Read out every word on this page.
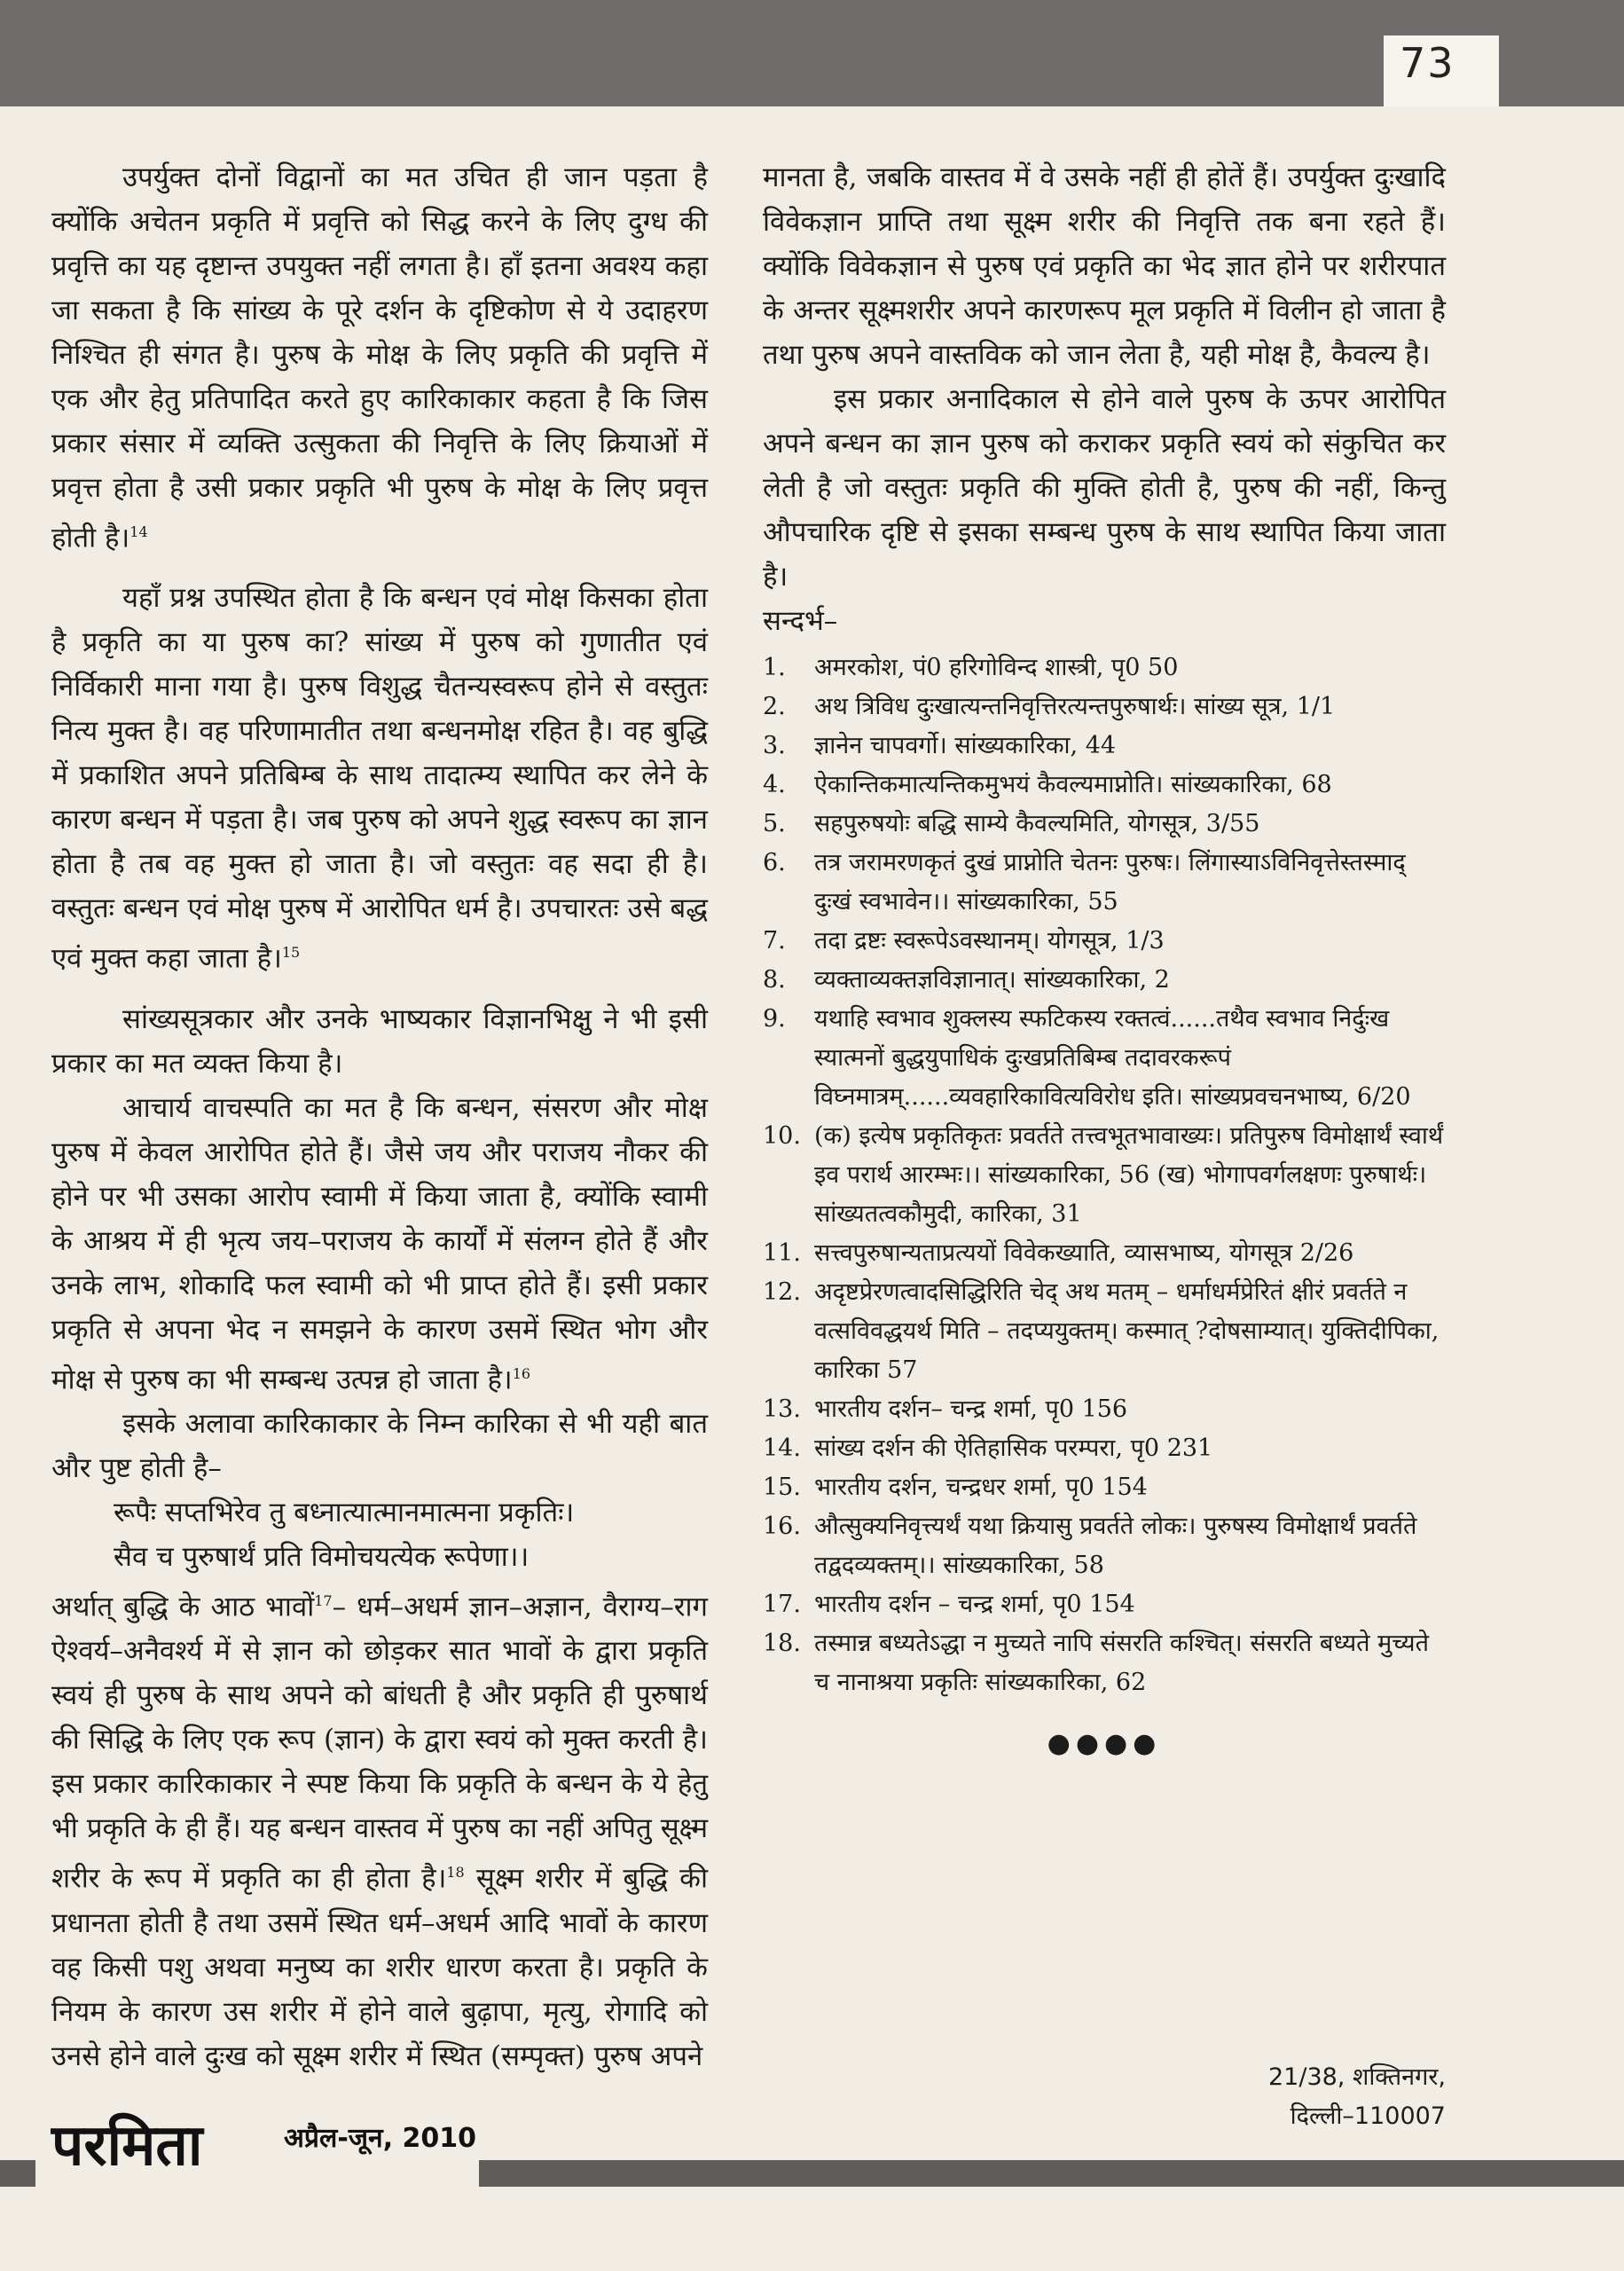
73

उपर्युक्त दोनों विद्वानों का मत उचित ही जान पड़ता है क्योंकि अचेतन प्रकृति में प्रवृत्ति को सिद्ध करने के लिए दुग्ध की प्रवृत्ति का यह दृष्टान्त उपयुक्त नहीं लगता है। हाँ इतना अवश्य कहा जा सकता है कि सांख्य के पूरे दर्शन के दृष्टिकोण से ये उदाहरण निश्चित ही संगत है। पुरुष के मोक्ष के लिए प्रकृति की प्रवृत्ति में एक और हेतु प्रतिपादित करते हुए कारिकाकार कहता है कि जिस प्रकार संसार में व्यक्ति उत्सुकता की निवृत्ति के लिए क्रियाओं में प्रवृत्त होता है उसी प्रकार प्रकृति भी पुरुष के मोक्ष के लिए प्रवृत्त होती है।$^{14}$

यहाँ प्रश्न उपस्थित होता है कि बन्धन एवं मोक्ष किसका होता है प्रकृति का या पुरुष का? सांख्य में पुरुष को गुणातीत एवं निर्विकारी माना गया है। पुरुष विशुद्ध चैतन्यस्वरूप होने से वस्तुतः नित्य मुक्त है। वह परिणामातीत तथा बन्धनमोक्ष रहित है। वह बुद्धि में प्रकाशित अपने प्रतिबिम्ब के साथ तादात्म्य स्थापित कर लेने के कारण बन्धन में पड़ता है। जब पुरुष को अपने शुद्ध स्वरूप का ज्ञान होता है तब वह मुक्त हो जाता है। जो वस्तुतः वह सदा ही है। वस्तुतः बन्धन एवं मोक्ष पुरुष में आरोपित धर्म है। उपचारतः उसे बद्ध एवं मुक्त कहा जाता है।$^{15}$

सांख्यसूत्रकार और उनके भाष्यकार विज्ञानभिक्षु ने भी इसी प्रकार का मत व्यक्त किया है।

आचार्य वाचस्पति का मत है कि बन्धन, संसरण और मोक्ष पुरुष में केवल आरोपित होते हैं। जैसे जय और पराजय नौकर की होने पर भी उसका आरोप स्वामी में किया जाता है, क्योंकि स्वामी के आश्रय में ही भृत्य जय–पराजय के कार्यों में संलग्न होते हैं और उनके लाभ, शोकादि फल स्वामी को भी प्राप्त होते हैं। इसी प्रकार प्रकृति से अपना भेद न समझने के कारण उसमें स्थित भोग और मोक्ष से पुरुष का भी सम्बन्ध उत्पन्न हो जाता है।$^{16}$

इसके अलावा कारिकाकार के निम्न कारिका से भी यही बात और पुष्ट होती है–

रूपैः सप्तभिरेव तु बध्नात्यात्मानमात्मना प्रकृतिः।

सैव च पुरुषार्थं प्रति विमोचयत्येक रूपेणा।।

अर्थात् बुद्धि के आठ भावों$^{17}$– धर्म–अधर्म ज्ञान–अज्ञान, वैराग्य–राग ऐश्वर्य–अनैवर्श्य में से ज्ञान को छोड़कर सात भावों के द्वारा प्रकृति स्वयं ही पुरुष के साथ अपने को बांधती है और प्रकृति ही पुरुषार्थ की सिद्धि के लिए एक रूप (ज्ञान) के द्वारा स्वयं को मुक्त करती है। इस प्रकार कारिकाकार ने स्पष्ट किया कि प्रकृति के बन्धन के ये हेतु भी प्रकृति के ही हैं। यह बन्धन वास्तव में पुरुष का नहीं अपितु सूक्ष्म शरीर के रूप में प्रकृति का ही होता है।$^{18}$ सूक्ष्म शरीर में बुद्धि की प्रधानता होती है तथा उसमें स्थित धर्म–अधर्म आदि भावों के कारण वह किसी पशु अथवा मनुष्य का शरीर धारण करता है। प्रकृति के नियम के कारण उस शरीर में होने वाले बुढ़ापा, मृत्यु, रोगादि को उनसे होने वाले दुःख को सूक्ष्म शरीर में स्थित (सम्पृक्त) पुरुष अपने

मानता है, जबकि वास्तव में वे उसके नहीं ही होतें हैं। उपर्युक्त दुःखादि विवेकज्ञान प्राप्ति तथा सूक्ष्म शरीर की निवृत्ति तक बना रहते हैं। क्योंकि विवेकज्ञान से पुरुष एवं प्रकृति का भेद ज्ञात होने पर शरीरपात के अन्तर सूक्ष्मशरीर अपने कारणरूप मूल प्रकृति में विलीन हो जाता है तथा पुरुष अपने वास्तविक को जान लेता है, यही मोक्ष है, कैवल्य है।

इस प्रकार अनादिकाल से होने वाले पुरुष के ऊपर आरोपित अपने बन्धन का ज्ञान पुरुष को कराकर प्रकृति स्वयं को संकुचित कर लेती है जो वस्तुतः प्रकृति की मुक्ति होती है, पुरुष की नहीं, किन्तु औपचारिक दृष्टि से इसका सम्बन्ध पुरुष के साथ स्थापित किया जाता है।

सन्दर्भ–

1.	अमरकोश, पं0 हरिगोविन्द शास्त्री, पृ0 50
2.	अथ त्रिविध दुःखात्यन्तनिवृत्तिरत्यन्तपुरुषार्थः। सांख्य सूत्र, 1/1
3.	ज्ञानेन चापवर्गो। सांख्यकारिका, 44
4.	ऐकान्तिकमात्यन्तिकमुभयं कैवल्यमाप्नोति। सांख्यकारिका, 68
5.	सहपुरुषयोः बद्धि साम्ये कैवल्यमिति, योगसूत्र, 3/55
6.	तत्र जरामरणकृतं दुखं प्राप्नोति चेतनः पुरुषः। लिंगास्याऽविनिवृत्तेस्तस्माद् दुःखं स्वभावेन।। सांख्यकारिका, 55
7.	तदा द्रष्टः स्वरूपेऽवस्थानम्। योगसूत्र, 1/3
8.	व्यक्ताव्यक्तज्ञविज्ञानात्। सांख्यकारिका, 2
9.	यथाहि स्वभाव शुक्लस्य स्फटिकस्य रक्तत्वं......तथैव स्वभाव निर्दुःख स्यात्मनों बुद्धयुपाधिकं दुःखप्रतिबिम्ब तदावरकरूपं विघ्नमात्रम्......व्यवहारिकावित्यविरोध इति। सांख्यप्रवचनभाष्य, 6/20
10. (क) इत्येष प्रकृतिकृतः प्रवर्तते तत्त्वभूतभावाख्यः। प्रतिपुरुष विमोक्षार्थं स्वार्थं इव परार्थ आरम्भः।। सांख्यकारिका, 56 (ख) भोगापवर्गलक्षणः पुरुषार्थः। सांख्यतत्वकौमुदी, कारिका, 31
11. सत्त्वपुरुषान्यताप्रत्ययों विवेकख्याति, व्यासभाष्य, योगसूत्र 2/26
12. अदृष्टप्रेरणत्वादसिद्धिरिति चेद् अथ मतम् – धर्माधर्मप्रेरितं क्षीरं प्रवर्तते न वत्सविवद्धयर्थ मिति – तदप्ययुक्तम्। कस्मात् ?दोषसाम्यात्। युक्तिदीपिका, कारिका 57
13. भारतीय दर्शन– चन्द्र शर्मा, पृ0 156
14. सांख्य दर्शन की ऐतिहासिक परम्परा, पृ0 231
15. भारतीय दर्शन, चन्द्रधर शर्मा, पृ0 154
16. औत्सुक्यनिवृत्त्यर्थं यथा क्रियासु प्रवर्तते लोकः। पुरुषस्य विमोक्षार्थं प्रवर्तते तद्वदव्यक्तम्।। सांख्यकारिका, 58
17. भारतीय दर्शन – चन्द्र शर्मा, पृ0 154
18. तस्मान्न बध्यतेऽद्धा न मुच्यते नापि संसरति कश्चित्। संसरति बध्यते मुच्यते च नानाश्रया प्रकृतिः सांख्यकारिका, 62
●●●●
21/38, शक्तिनगर,
दिल्ली–110007
परमिता	अप्रैल-जून, 2010
